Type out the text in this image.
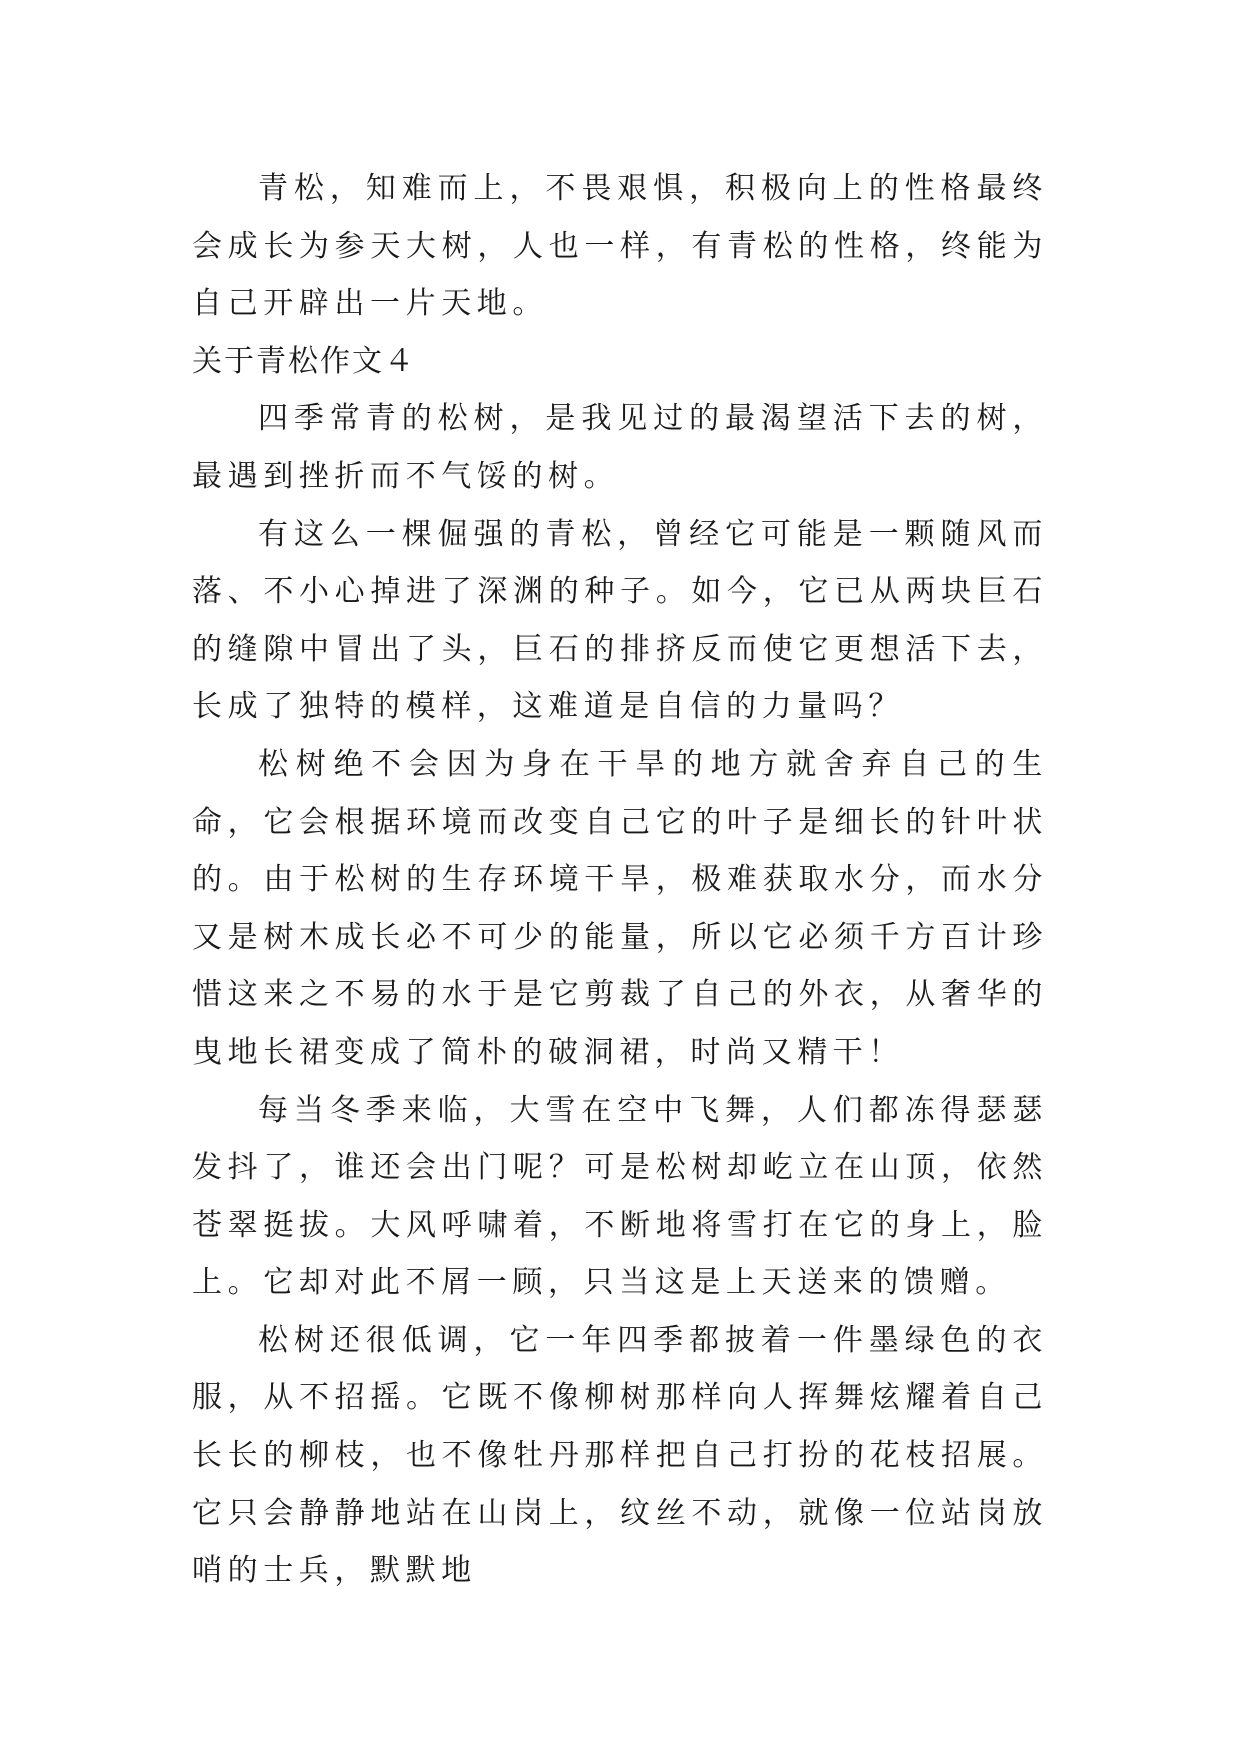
青松，知难而上，不畏艰惧，积极向上的性格最终会成长为参天大树，人也一样，有青松的性格，终能为自己开辟出一片天地。

关于青松作文４

四季常青的松树，是我见过的最渴望活下去的树，最遇到挫折而不气馁的树。

有这么一棵倔强的青松，曾经它可能是一颗随风而落、不小心掉进了深渊的种子。如今，它已从两块巨石的缝隙中冒出了头，巨石的排挤反而使它更想活下去，长成了独特的模样，这难道是自信的力量吗？

松树绝不会因为身在干旱的地方就舍弃自己的生命，它会根据环境而改变自己它的叶子是细长的针叶状的。由于松树的生存环境干旱，极难获取水分，而水分又是树木成长必不可少的能量，所以它必须千方百计珍惜这来之不易的水于是它剪裁了自己的外衣，从奢华的曳地长裙变成了简朴的破洞裙，时尚又精干！

每当冬季来临，大雪在空中飞舞，人们都冻得瑟瑟发抖了，谁还会出门呢？可是松树却屹立在山顶，依然苍翠挺拔。大风呼啸着，不断地将雪打在它的身上，脸上。它却对此不屑一顾，只当这是上天送来的馈赠。

松树还很低调，它一年四季都披着一件墨绿色的衣服，从不招摇。它既不像柳树那样向人挥舞炫耀着自己长长的柳枝，也不像牡丹那样把自己打扮的花枝招展。它只会静静地站在山岗上，纹丝不动，就像一位站岗放哨的士兵，默默地
